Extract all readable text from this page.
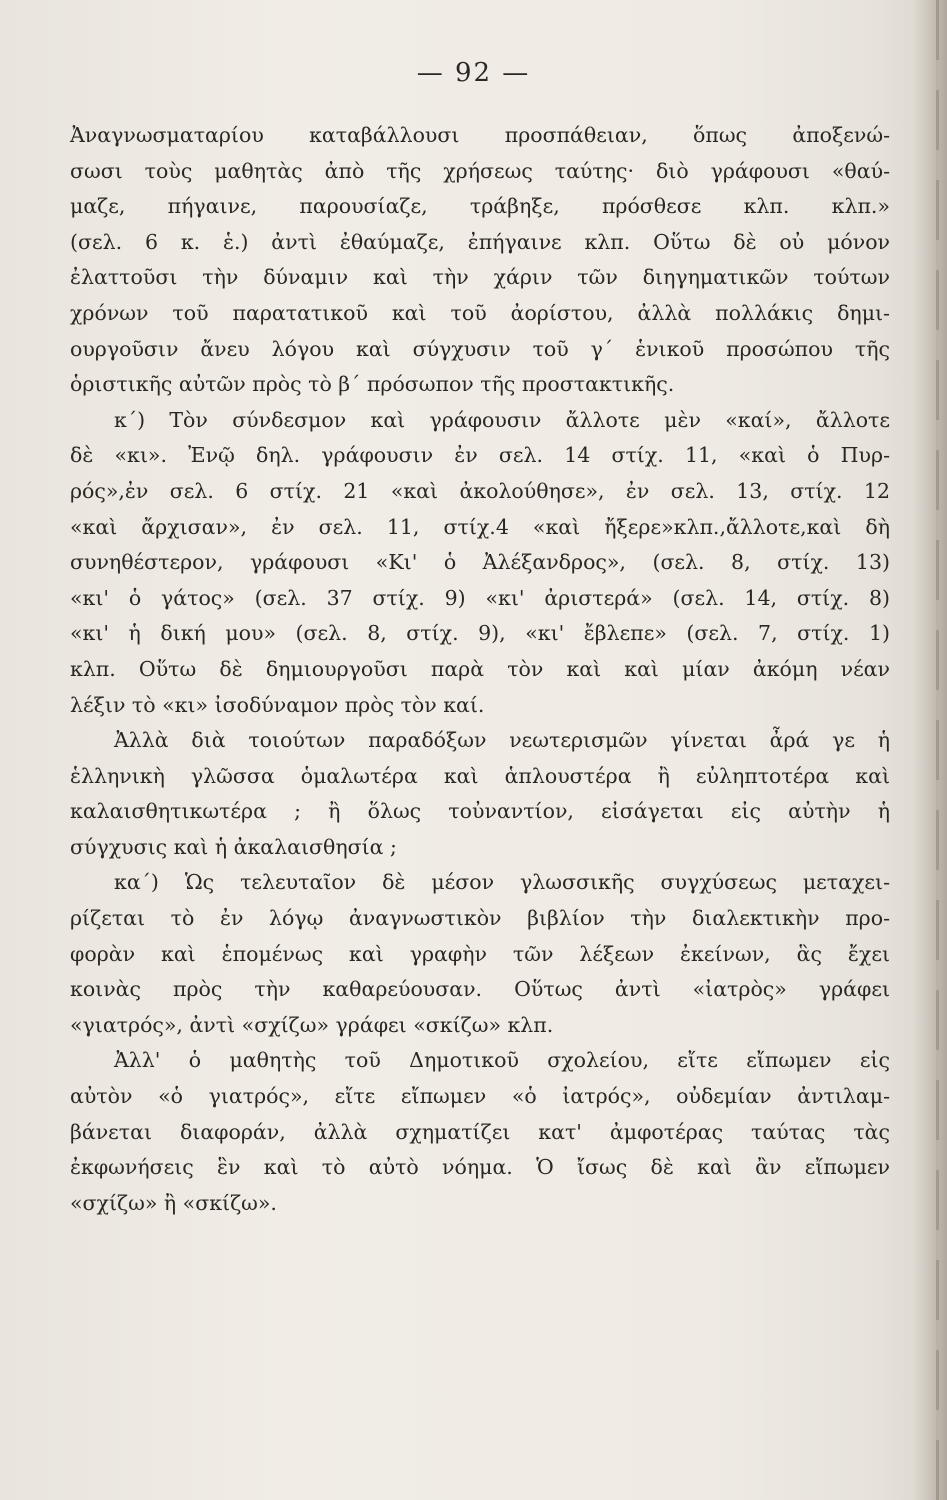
— 92 —
Ἀναγνωσματαρίου καταβάλλουσι προσπάθειαν, ὅπως ἀποξενώ-
σωσι τοὺς μαθητὰς ἀπὸ τῆς χρήσεως ταύτης· διὸ γράφουσι «θαύ-
μαζε, πήγαινε, παρουσίαζε, τράβηξε, πρόσθεσε κλπ. κλπ.»
(σελ. 6 κ. ἑ.) ἀντὶ ἐθαύμαζε, ἐπήγαινε κλπ. Οὕτω δὲ οὐ μόνον
ἐλαττοῦσι τὴν δύναμιν καὶ τὴν χάριν τῶν διηγηματικῶν τούτων
χρόνων τοῦ παρατατικοῦ καὶ τοῦ ἀορίστου, ἀλλὰ πολλάκις δημι-
ουργοῦσιν ἄνευ λόγου καὶ σύγχυσιν τοῦ γ΄ ἑνικοῦ προσώπου τῆς
ὁριστικῆς αὐτῶν πρὸς τὸ β΄ πρόσωπον τῆς προστακτικῆς.
κ΄) Τὸν σύνδεσμον καὶ γράφουσιν ἄλλοτε μὲν «καί», ἄλλοτε
δὲ «κι». Ἐνῷ δηλ. γράφουσιν ἐν σελ. 14 στίχ. 11, «καὶ ὁ Πυρ-
ρός»,ἐν σελ. 6 στίχ. 21 «καὶ ἀκολούθησε», ἐν σελ. 13, στίχ. 12
«καὶ ἄρχισαν», ἐν σελ. 11, στίχ.4 «καὶ ἤξερε»κλπ.,ἄλλοτε,καὶ δὴ
συνηθέστερον, γράφουσι «Κι' ὁ Ἀλέξανδρος», (σελ. 8, στίχ. 13)
«κι' ὁ γάτος» (σελ. 37 στίχ. 9) «κι' ἀριστερά» (σελ. 14, στίχ. 8)
«κι' ἡ δική μου» (σελ. 8, στίχ. 9), «κι' ἔβλεπε» (σελ. 7, στίχ. 1)
κλπ. Οὕτω δὲ δημιουργοῦσι παρὰ τὸν καὶ καὶ μίαν ἀκόμη νέαν
λέξιν τὸ «κι» ἰσοδύναμον πρὸς τὸν καί.
Ἀλλὰ διὰ τοιούτων παραδόξων νεωτερισμῶν γίνεται ἆρά γε ἡ
ἑλληνικὴ γλῶσσα ὁμαλωτέρα καὶ ἁπλουστέρα ἢ εὐληπτοτέρα καὶ
καλαισθητικωτέρα ; ἢ ὅλως τοὐναντίον, εἰσάγεται εἰς αὐτὴν ἡ
σύγχυσις καὶ ἡ ἀκαλαισθησία ;
κα΄) Ὡς τελευταῖον δὲ μέσον γλωσσικῆς συγχύσεως μεταχει-
ρίζεται τὸ ἐν λόγῳ ἀναγνωστικὸν βιβλίον τὴν διαλεκτικὴν προ-
φορὰν καὶ ἑπομένως καὶ γραφὴν τῶν λέξεων ἐκείνων, ἃς ἔχει
κοινὰς πρὸς τὴν καθαρεύουσαν. Οὕτως ἀντὶ «ἰατρὸς» γράφει
«γιατρός», ἀντὶ «σχίζω» γράφει «σκίζω» κλπ.
Ἀλλ' ὁ μαθητὴς τοῦ Δημοτικοῦ σχολείου, εἴτε εἴπωμεν εἰς
αὐτὸν «ὁ γιατρός», εἴτε εἴπωμεν «ὁ ἰατρός», οὐδεμίαν ἀντιλαμ-
βάνεται διαφοράν, ἀλλὰ σχηματίζει κατ' ἀμφοτέρας ταύτας τὰς
ἐκφωνήσεις ἓν καὶ τὸ αὐτὸ νόημα. Ὁ ἴσως δὲ καὶ ἂν εἴπωμεν
«σχίζω» ἢ «σκίζω».
